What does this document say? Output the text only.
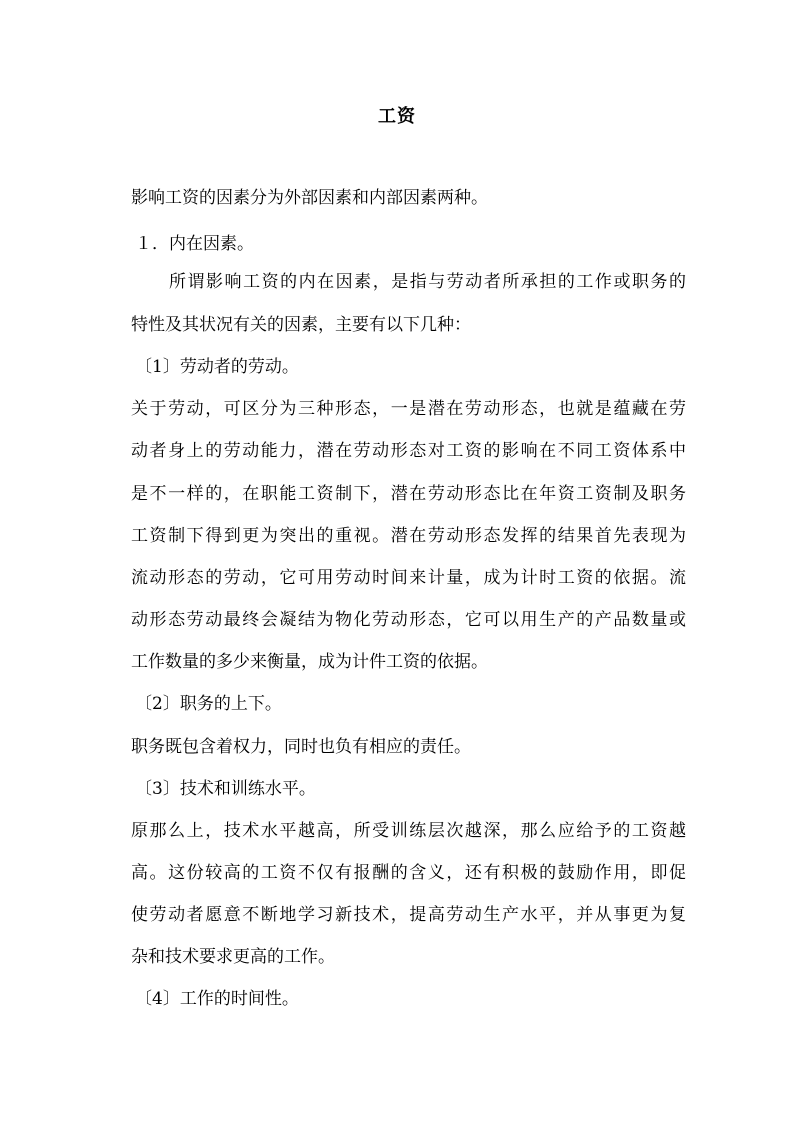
工资
影响工资的因素分为外部因素和内部因素两种。
１．内在因素。
所谓影响工资的内在因素，是指与劳动者所承担的工作或职务的
特性及其状况有关的因素，主要有以下几种：
〔1〕劳动者的劳动。
关于劳动，可区分为三种形态，一是潜在劳动形态，也就是蕴藏在劳
动者身上的劳动能力，潜在劳动形态对工资的影响在不同工资体系中
是不一样的，在职能工资制下，潜在劳动形态比在年资工资制及职务
工资制下得到更为突出的重视。潜在劳动形态发挥的结果首先表现为
流动形态的劳动，它可用劳动时间来计量，成为计时工资的依据。流
动形态劳动最终会凝结为物化劳动形态，它可以用生产的产品数量或
工作数量的多少来衡量，成为计件工资的依据。
〔2〕职务的上下。
职务既包含着权力，同时也负有相应的责任。
〔3〕技术和训练水平。
原那么上，技术水平越高，所受训练层次越深，那么应给予的工资越
高。这份较高的工资不仅有报酬的含义，还有积极的鼓励作用，即促
使劳动者愿意不断地学习新技术，提高劳动生产水平，并从事更为复
杂和技术要求更高的工作。
〔4〕工作的时间性。
